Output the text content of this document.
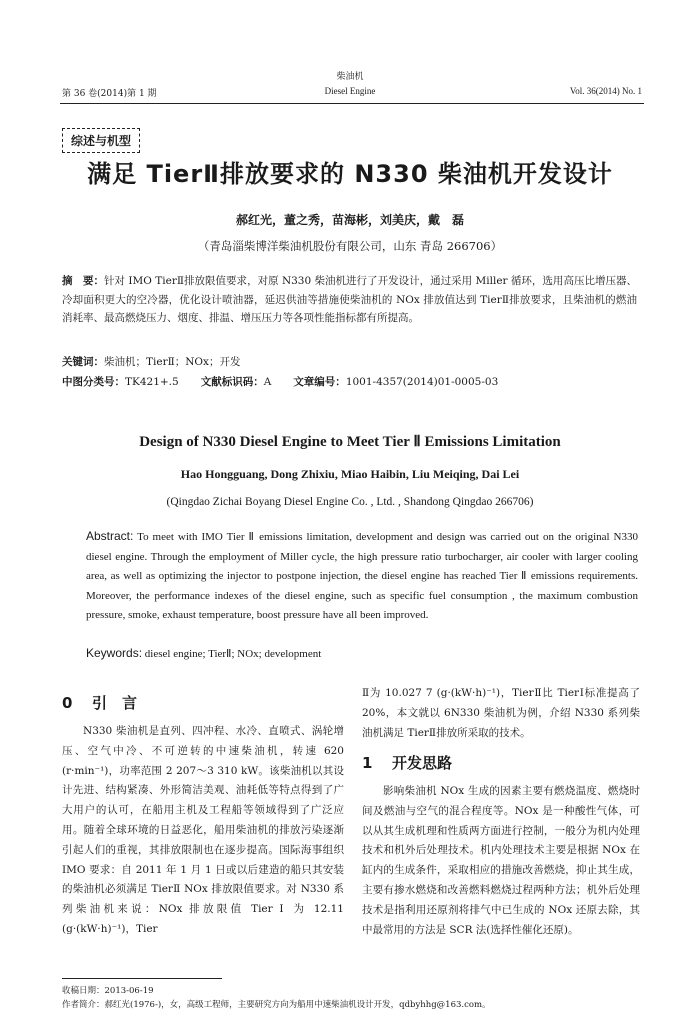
第 36 卷(2014)第 1 期
柴油机
Diesel Engine	Vol. 36(2014) No. 1
综述与机型
满足 TierⅡ排放要求的 N330 柴油机开发设计
郝红光，董之秀，苗海彬，刘美庆，戴　磊
（青岛淄柴博洋柴油机股份有限公司，山东 青岛 266706）
摘　要：针对 IMO TierⅡ排放限值要求，对原 N330 柴油机进行了开发设计，通过采用 Miller 循环，选用高压比增压器、冷却面积更大的空冷器，优化设计喷油器，延迟供油等措施使柴油机的 NOx 排放值达到 TierⅡ排放要求，且柴油机的燃油消耗率、最高燃烧压力、烟度、排温、增压压力等各项性能指标都有所提高。
关键词：柴油机；TierⅡ；NOx；开发
中图分类号：TK421+.5 文献标识码：A 文章编号：1001-4357(2014)01-0005-03
Design of N330 Diesel Engine to Meet Tier Ⅱ Emissions Limitation
Hao Hongguang, Dong Zhixiu, Miao Haibin, Liu Meiqing, Dai Lei
(Qingdao Zichai Boyang Diesel Engine Co. , Ltd. , Shandong Qingdao 266706)
Abstract: To meet with IMO Tier Ⅱ emissions limitation, development and design was carried out on the original N330 diesel engine. Through the employment of Miller cycle, the high pressure ratio turbocharger, air cooler with larger cooling area, as well as optimizing the injector to postpone injection, the diesel engine has reached Tier Ⅱ emissions requirements. Moreover, the performance indexes of the diesel engine, such as specific fuel consumption , the maximum combustion pressure, smoke, exhaust temperature, boost pressure have all been improved.
Keywords: diesel engine; TierⅡ; NOx; development
0 引　言
N330 柴油机是直列、四冲程、水冷、直喷式、涡轮增压、空气中冷、不可逆转的中速柴油机，转速 620 (r·min⁻¹)，功率范围 2 207～3 310 kW。该柴油机以其设计先进、结构紧凑、外形简洁美观、油耗低等特点得到了广大用户的认可，在船用主机及工程船等领域得到了广泛应用。随着全球环境的日益恶化，船用柴油机的排放污染逐渐引起人们的重视，其排放限制也在逐步提高。国际海事组织 IMO 要求：自 2011 年 1 月 1 日或以后建造的船只其安装的柴油机必须满足 TierⅡ NOx 排放限值要求。对 N330 系列柴油机来说：NOx 排放限值 Tier Ⅰ 为 12.11 (g·(kW·h)⁻¹)，Tier
Ⅱ为 10.027 7 (g·(kW·h)⁻¹)，TierⅡ比 TierⅠ标准提高了 20%，本文就以 6N330 柴油机为例，介绍 N330 系列柴油机满足 TierⅡ排放所采取的技术。
1 开发思路
影响柴油机 NOx 生成的因素主要有燃烧温度、燃烧时间及燃油与空气的混合程度等。NOx 是一种酸性气体，可以从其生成机理和性质两方面进行控制，一般分为机内处理技术和机外后处理技术。机内处理技术主要是根据 NOx 在缸内的生成条件，采取相应的措施改善燃烧，抑止其生成，主要有掺水燃烧和改善燃料燃烧过程两种方法；机外后处理技术是指利用还原剂将排气中已生成的 NOx 还原去除，其中最常用的方法是 SCR 法(选择性催化还原)。
收稿日期：2013-06-19
作者简介：郝红光(1976-)，女，高级工程师，主要研究方向为船用中速柴油机设计开发，qdbyhhg@163.com。
